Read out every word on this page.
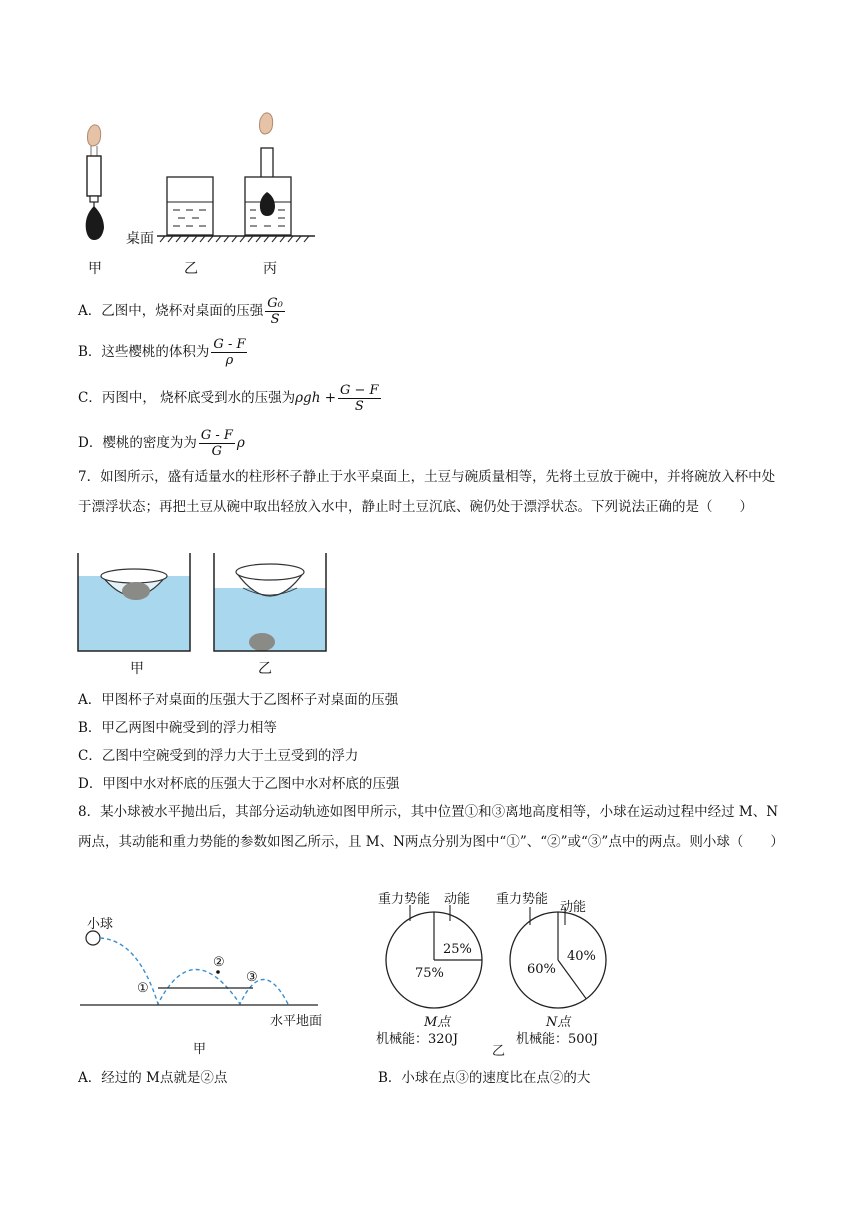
桌面
甲	乙	丙
A．乙图中，烧杯对桌面的压强 $\frac{\text{G₀}}{S}$
B．这些樱桃的体积为 $\frac{G - F}{\rho}$
C．丙图中， 烧杯底受到水的压强为$\rho gh + \frac{G - F}{S}$
D．樱桃的密度为为 $\frac{G - F}{G}$ ρ
7．如图所示，盛有适量水的柱形杯子静止于水平桌面上，土豆与碗质量相等，先将土豆放于碗中，并将碗放入杯中处于漂浮状态；再把土豆从碗中取出轻放入水中，静止时土豆沉底、碗仍处于漂浮状态。下列说法正确的是（　　）
甲	乙
A．甲图杯子对桌面的压强大于乙图杯子对桌面的压强
B．甲乙两图中碗受到的浮力相等
C．乙图中空碗受到的浮力大于土豆受到的浮力
D．甲图中水对杯底的压强大于乙图中水对杯底的压强
8．某小球被水平抛出后，其部分运动轨迹如图甲所示，其中位置①和③离地高度相等，小球在运动过程中经过 M、N两点，其动能和重力势能的参数如图乙所示，且 M、N两点分别为图中“①”、“②”或“③”点中的两点。则小球（　　）
小球
①
②
③
水平地面
甲
重力势能 动能
25%
75%
M点
机械能：320J
重力势能
动能
40%
60%
N点
机械能：500J
乙
A．经过的 M点就是②点	B．小球在点③的速度比在点②的大
